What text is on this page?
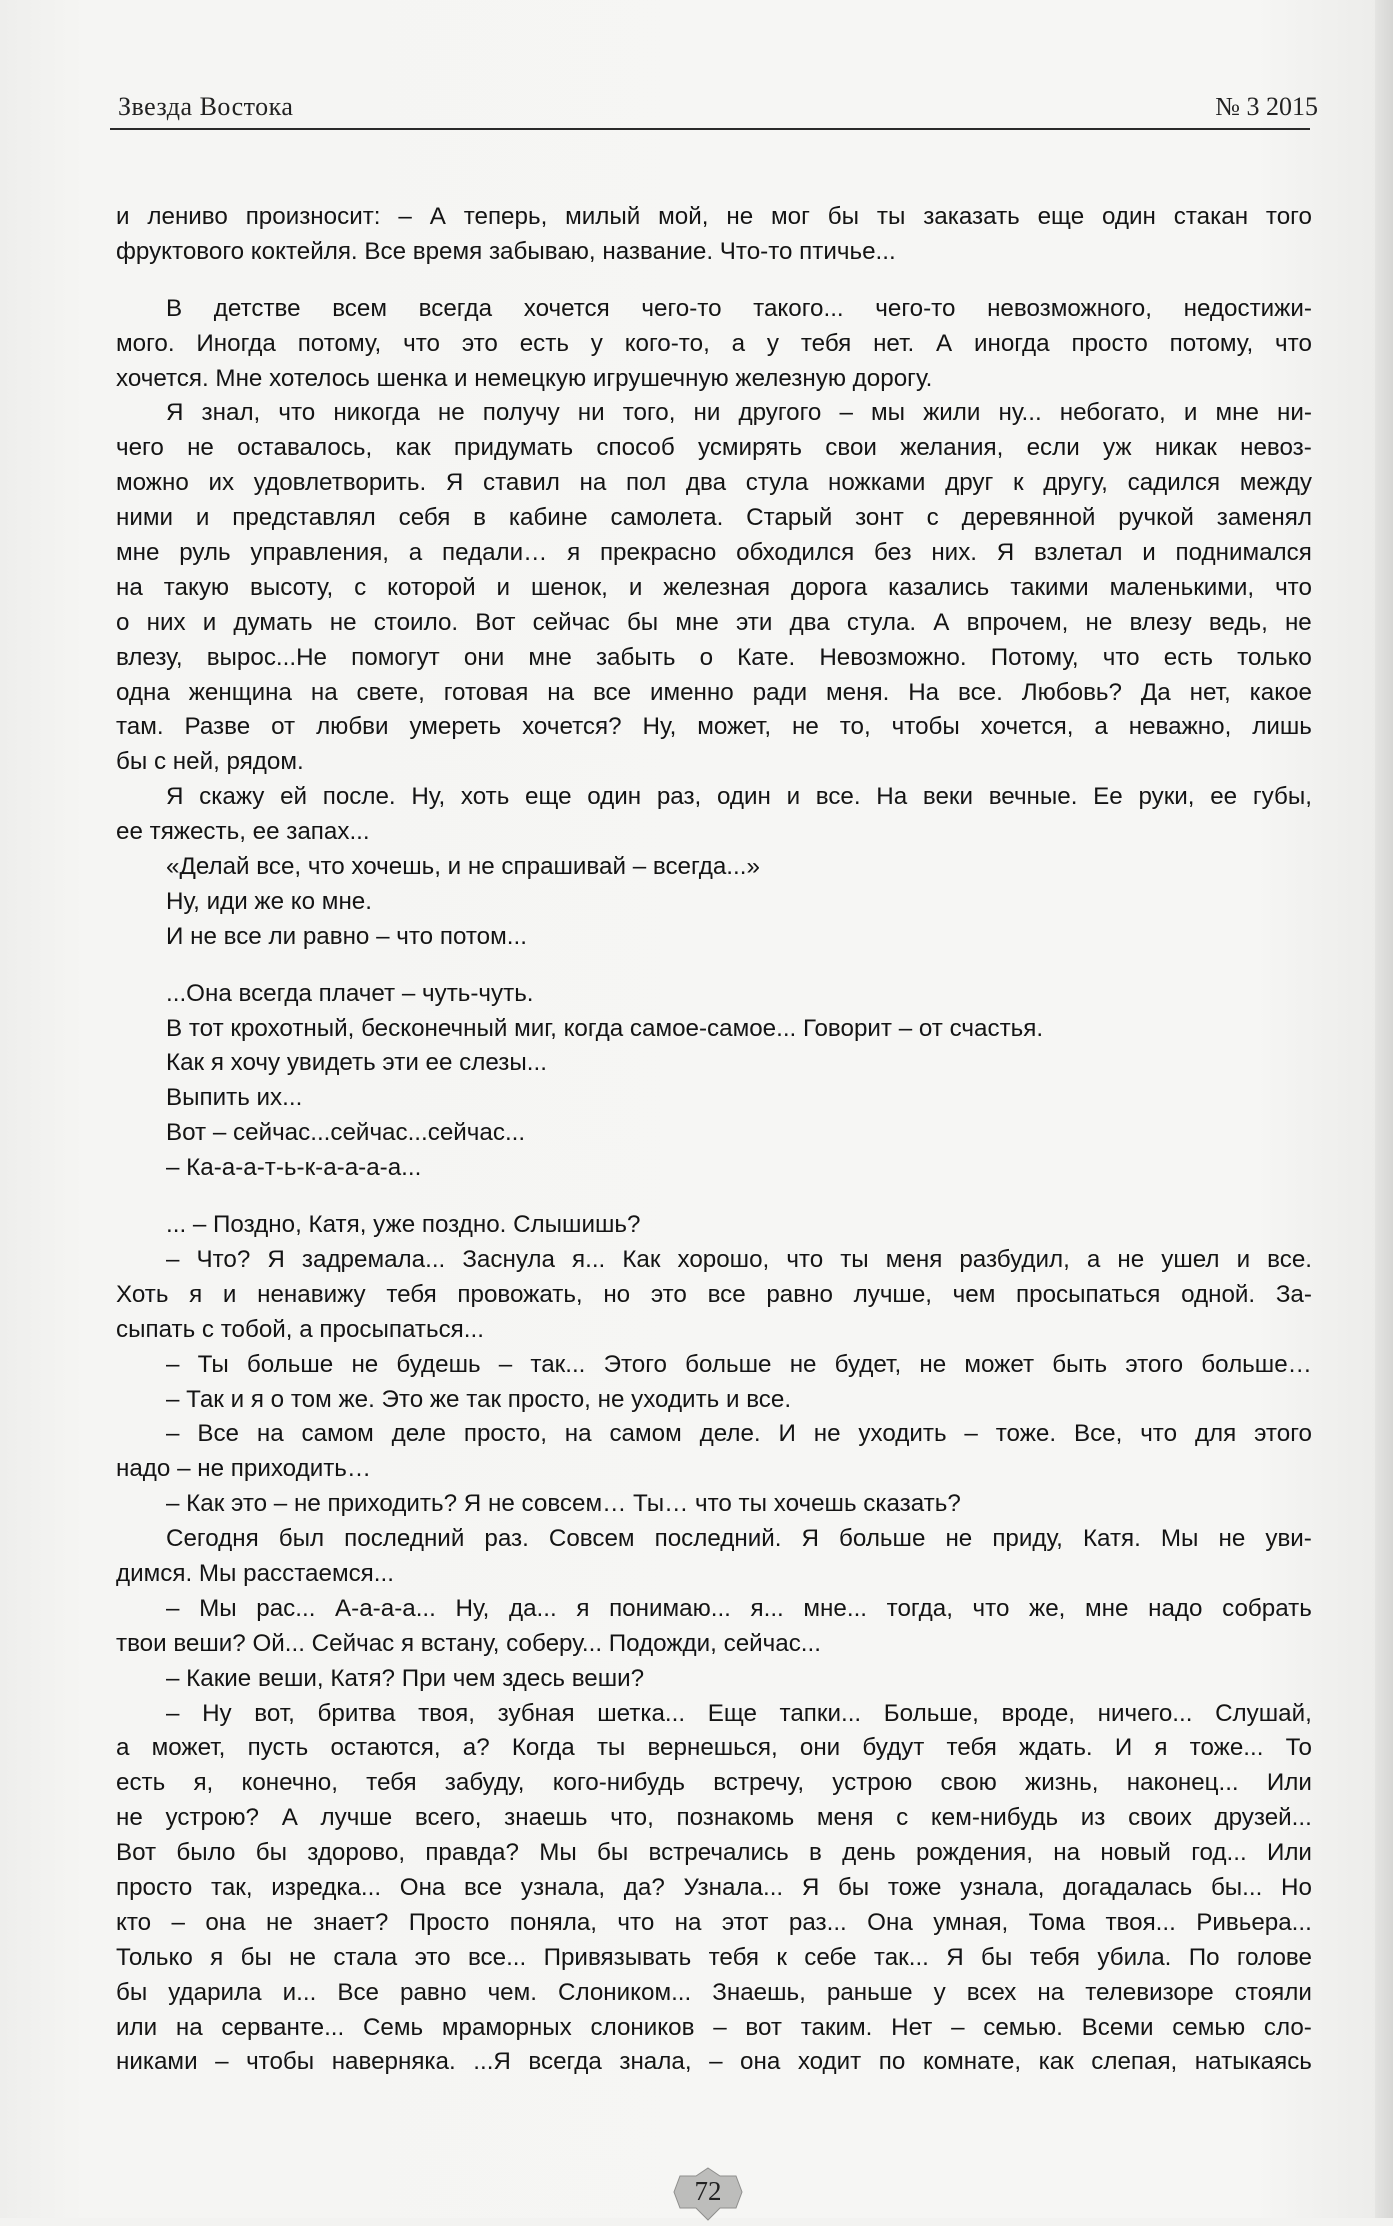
Звезда Востока	№ 3 2015
и лениво произносит: – А теперь, милый мой, не мог бы ты заказать еще один стакан того
фруктового коктейля. Все время забываю, название. Что-то птичье...
В детстве всем всегда хочется чего-то такого... чего-то невозможного, недостижи-
мого. Иногда потому, что это есть у кого-то, а у тебя нет. А иногда просто потому, что
хочется. Мне хотелось шенка и немецкую игрушечную железную дорогу.
Я знал, что никогда не получу ни того, ни другого – мы жили ну... небогато, и мне ни-
чего не оставалось, как придумать способ усмирять свои желания, если уж никак невоз-
можно их удовлетворить. Я ставил на пол два стула ножками друг к другу, садился между
ними и представлял себя в кабине самолета. Старый зонт с деревянной ручкой заменял
мне руль управления, а педали… я прекрасно обходился без них. Я взлетал и поднимался
на такую высоту, с которой и шенок, и железная дорога казались такими маленькими, что
о них и думать не стоило. Вот сейчас бы мне эти два стула. А впрочем, не влезу ведь, не
влезу, вырос...Не помогут они мне забыть о Кате. Невозможно. Потому, что есть только
одна женщина на свете, готовая на все именно ради меня. На все. Любовь? Да нет, какое
там. Разве от любви умереть хочется? Ну, может, не то, чтобы хочется, а неважно, лишь
бы с ней, рядом.
Я скажу ей после. Ну, хоть еще один раз, один и все. На веки вечные. Ее руки, ее губы,
ее тяжесть, ее запах...
«Делай все, что хочешь, и не спрашивай – всегда...»
Ну, иди же ко мне.
И не все ли равно – что потом...
...Она всегда плачет – чуть-чуть.
В тот крохотный, бесконечный миг, когда самое-самое... Говорит – от счастья.
Как я хочу увидеть эти ее слезы...
Выпить их...
Вот – сейчас...сейчас...сейчас...
– Ка-а-а-т-ь-к-а-а-а-а...
... – Поздно, Катя, уже поздно. Слышишь?
– Что? Я задремала... Заснула я... Как хорошо, что ты меня разбудил, а не ушел и все.
Хоть я и ненавижу тебя провожать, но это все равно лучше, чем просыпаться одной. За-
сыпать с тобой, а просыпаться...
– Ты больше не будешь – так... Этого больше не будет, не может быть этого больше…
– Так и я о том же. Это же так просто, не уходить и все.
– Все на самом деле просто, на самом деле. И не уходить – тоже. Все, что для этого
надо – не приходить…
– Как это – не приходить? Я не совсем… Ты… что ты хочешь сказать?
Сегодня был последний раз. Совсем последний. Я больше не приду, Катя. Мы не уви-
димся. Мы расстаемся...
– Мы рас... А-а-а-а... Ну, да... я понимаю... я... мне... тогда, что же, мне надо собрать
твои веши? Ой... Сейчас я встану, соберу... Подожди, сейчас...
– Какие веши, Катя? При чем здесь веши?
– Ну вот, бритва твоя, зубная шетка... Еще тапки... Больше, вроде, ничего... Слушай,
а может, пусть остаются, а? Когда ты вернешься, они будут тебя ждать. И я тоже... То
есть я, конечно, тебя забуду, кого-нибудь встречу, устрою свою жизнь, наконец... Или
не устрою? А лучше всего, знаешь что, познакомь меня с кем-нибудь из своих друзей...
Вот было бы здорово, правда? Мы бы встречались в день рождения, на новый год... Или
просто так, изредка... Она все узнала, да? Узнала... Я бы тоже узнала, догадалась бы... Но
кто – она не знает? Просто поняла, что на этот раз... Она умная, Тома твоя... Ривьера...
Только я бы не стала это все... Привязывать тебя к себе так... Я бы тебя убила. По голове
бы ударила и... Все равно чем. Слоником... Знаешь, раньше у всех на телевизоре стояли
или на серванте... Семь мраморных слоников – вот таким. Нет – семью. Всеми семью сло-
никами – чтобы наверняка. ...Я всегда знала, – она ходит по комнате, как слепая, натыкаясь
72
